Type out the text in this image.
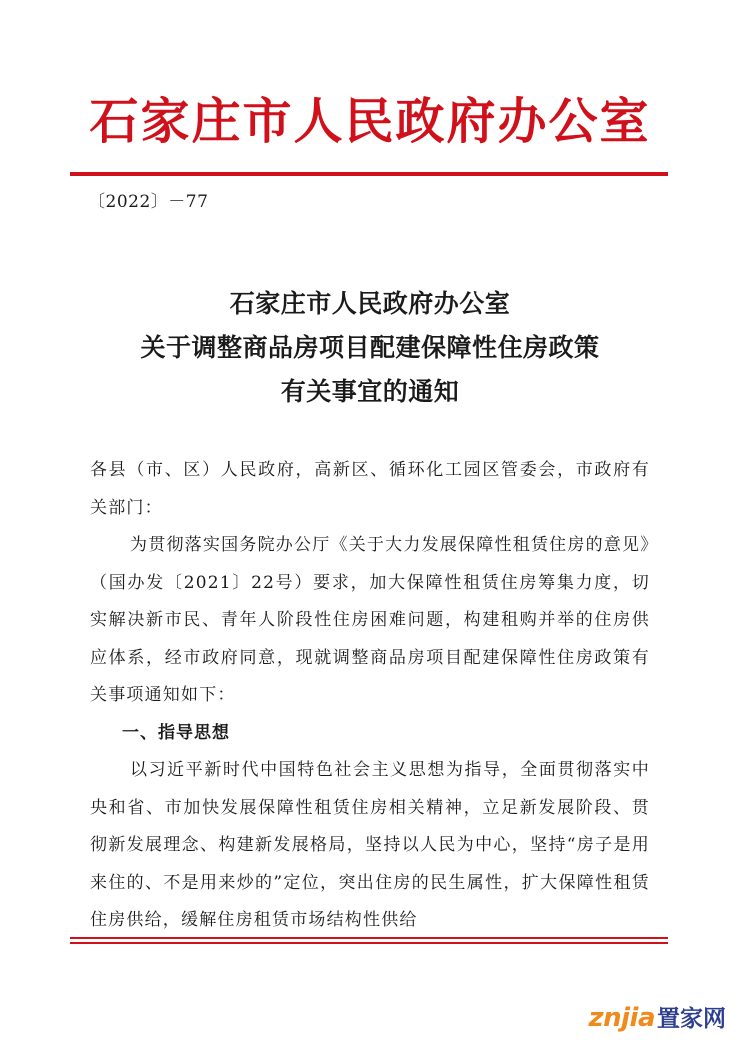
石家庄市人民政府办公室
〔2022〕－77
石家庄市人民政府办公室
关于调整商品房项目配建保障性住房政策
有关事宜的通知

各县（市、区）人民政府，高新区、循环化工园区管委会，市政府有关部门：

为贯彻落实国务院办公厅《关于大力发展保障性租赁住房的意见》（国办发〔2021〕22号）要求，加大保障性租赁住房筹集力度，切实解决新市民、青年人阶段性住房困难问题，构建租购并举的住房供应体系，经市政府同意，现就调整商品房项目配建保障性住房政策有关事项通知如下：

一、指导思想

以习近平新时代中国特色社会主义思想为指导，全面贯彻落实中央和省、市加快发展保障性租赁住房相关精神，立足新发展阶段、贯彻新发展理念、构建新发展格局，坚持以人民为中心，坚持“房子是用来住的、不是用来炒的”定位，突出住房的民生属性，扩大保障性租赁住房供给，缓解住房租赁市场结构性供给

znjia 置家网
